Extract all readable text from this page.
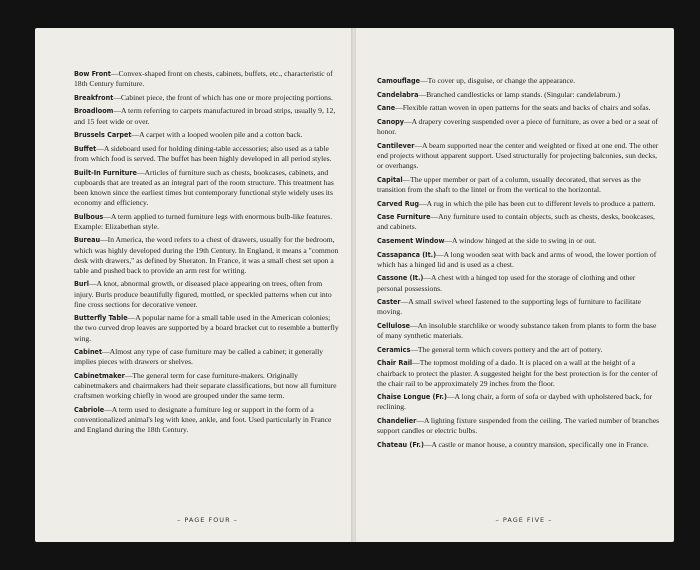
Bow Front—Convex-shaped front on chests, cabinets, buffets, etc., characteristic of 18th Century furniture.

Breakfront—Cabinet piece, the front of which has one or more projecting portions.

Broadloom—A term referring to carpets manufactured in broad strips, usually 9, 12, and 15 feet wide or over.

Brussels Carpet—A carpet with a looped woolen pile and a cotton back.

Buffet—A sideboard used for holding dining-table accessories; also used as a table from which food is served. The buffet has been highly developed in all period styles.

Built-In Furniture—Articles of furniture such as chests, bookcases, cabinets, and cupboards that are treated as an integral part of the room structure. This treatment has been known since the earliest times but contemporary functional style widely uses its economy and efficiency.

Bulbous—A term applied to turned furniture legs with enormous bulb-like features. Example: Elizabethan style.

Bureau—In America, the word refers to a chest of drawers, usually for the bedroom, which was highly developed during the 19th Century. In England, it means a "common desk with drawers," as defined by Sheraton. In France, it was a small chest set upon a table and pushed back to provide an arm rest for writing.

Burl—A knot, abnormal growth, or diseased place appearing on trees, often from injury. Burls produce beautifully figured, mottled, or speckled patterns when cut into fine cross sections for decorative veneer.

Butterfly Table—A popular name for a small table used in the American colonies; the two curved drop leaves are supported by a board bracket cut to resemble a butterfly wing.

Cabinet—Almost any type of case furniture may be called a cabinet; it generally implies pieces with drawers or shelves.

Cabinetmaker—The general term for case furniture-makers. Originally cabinetmakers and chairmakers had their separate classifications, but now all furniture craftsmen working chiefly in wood are grouped under the same term.

Cabriole—A term used to designate a furniture leg or support in the form of a conventionalized animal's leg with knee, ankle, and foot. Used particularly in France and England during the 18th Century.

– PAGE FOUR –

Camouflage—To cover up, disguise, or change the appearance.

Candelabra—Branched candlesticks or lamp stands. (Singular: candelabrum.)

Cane—Flexible rattan woven in open patterns for the seats and backs of chairs and sofas.

Canopy—A drapery covering suspended over a piece of furniture, as over a bed or a seat of honor.

Cantilever—A beam supported near the center and weighted or fixed at one end. The other end projects without apparent support. Used structurally for projecting balconies, sun decks, or overhangs.

Capital—The upper member or part of a column, usually decorated, that serves as the transition from the shaft to the lintel or from the vertical to the horizontal.

Carved Rug—A rug in which the pile has been cut to different levels to produce a pattern.

Case Furniture—Any furniture used to contain objects, such as chests, desks, bookcases, and cabinets.

Casement Window—A window hinged at the side to swing in or out.

Cassapanca (It.)—A long wooden seat with back and arms of wood, the lower portion of which has a hinged lid and is used as a chest.

Cassone (It.)—A chest with a hinged top used for the storage of clothing and other personal possessions.

Caster—A small swivel wheel fastened to the supporting legs of furniture to facilitate moving.

Cellulose—An insoluble starchlike or woody substance taken from plants to form the base of many synthetic materials.

Ceramics—The general term which covers pottery and the art of pottery.

Chair Rail—The topmost molding of a dado. It is placed on a wall at the height of a chairback to protect the plaster. A suggested height for the best protection is for the center of the chair rail to be approximately 29 inches from the floor.

Chaise Longue (Fr.)—A long chair, a form of sofa or daybed with upholstered back, for reclining.

Chandelier—A lighting fixture suspended from the ceiling. The varied number of branches support candles or electric bulbs.

Chateau (Fr.)—A castle or manor house, a country mansion, specifically one in France.

– PAGE FIVE –
